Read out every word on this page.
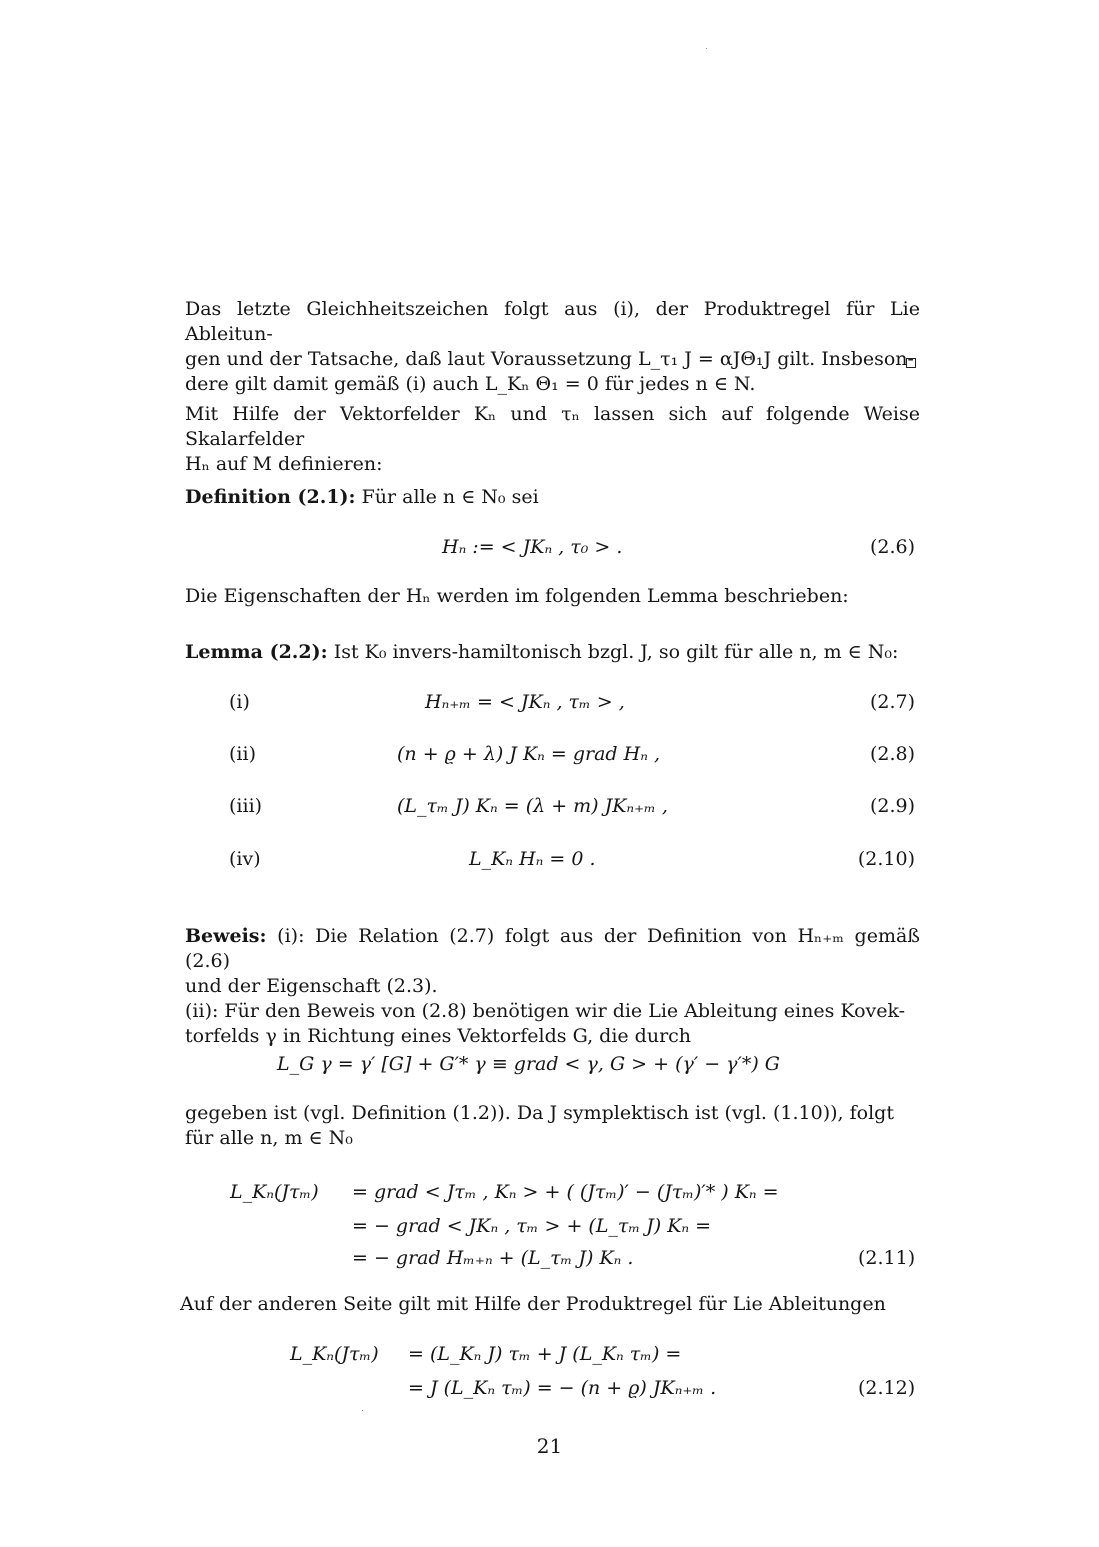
Das letzte Gleichheitszeichen folgt aus (i), der Produktregel für Lie Ableitun-
gen und der Tatsache, daß laut Voraussetzung L_τ₁ J = αJΘ₁J gilt. Insbeson-
dere gilt damit gemäß (i) auch L_Kₙ Θ₁ = 0 für jedes n ∈ N.

Mit Hilfe der Vektorfelder Kₙ und τₙ lassen sich auf folgende Weise Skalarfelder
Hₙ auf M definieren:

Definition (2.1): Für alle n ∈ N₀ sei

Hₙ := < JKₙ , τ₀ > .	(2.6)

Die Eigenschaften der Hₙ werden im folgenden Lemma beschrieben:

Lemma (2.2): Ist K₀ invers-hamiltonisch bzgl. J, so gilt für alle n, m ∈ N₀:

(i)	Hₙ₊ₘ = < JKₙ , τₘ > ,	(2.7)
(ii)	(n + ϱ + λ) J Kₙ = grad Hₙ ,	(2.8)
(iii)	(L_τₘ J) Kₙ = (λ + m) JKₙ₊ₘ ,	(2.9)
(iv)	L_Kₙ Hₙ = 0 .	(2.10)

Beweis: (i): Die Relation (2.7) folgt aus der Definition von Hₙ₊ₘ gemäß (2.6)
und der Eigenschaft (2.3).
(ii): Für den Beweis von (2.8) benötigen wir die Lie Ableitung eines Kovek-
torfelds γ in Richtung eines Vektorfelds G, die durch

L_G γ = γ′ [G] + G′* γ ≡ grad < γ, G > + (γ′ − γ′*) G

gegeben ist (vgl. Definition (1.2)). Da J symplektisch ist (vgl. (1.10)), folgt
für alle n, m ∈ N₀

L_Kₙ(Jτₘ) = grad < Jτₘ , Kₙ > + ( (Jτₘ)′ − (Jτₘ)′* ) Kₙ =
= − grad < JKₙ , τₘ > + (L_τₘ J) Kₙ =
= − grad Hₘ₊ₙ + (L_τₘ J) Kₙ .	(2.11)

Auf der anderen Seite gilt mit Hilfe der Produktregel für Lie Ableitungen

L_Kₙ(Jτₘ) = (L_Kₙ J) τₘ + J (L_Kₙ τₘ) =
= J (L_Kₙ τₘ) = − (n + ϱ) JKₙ₊ₘ .	(2.12)
21
